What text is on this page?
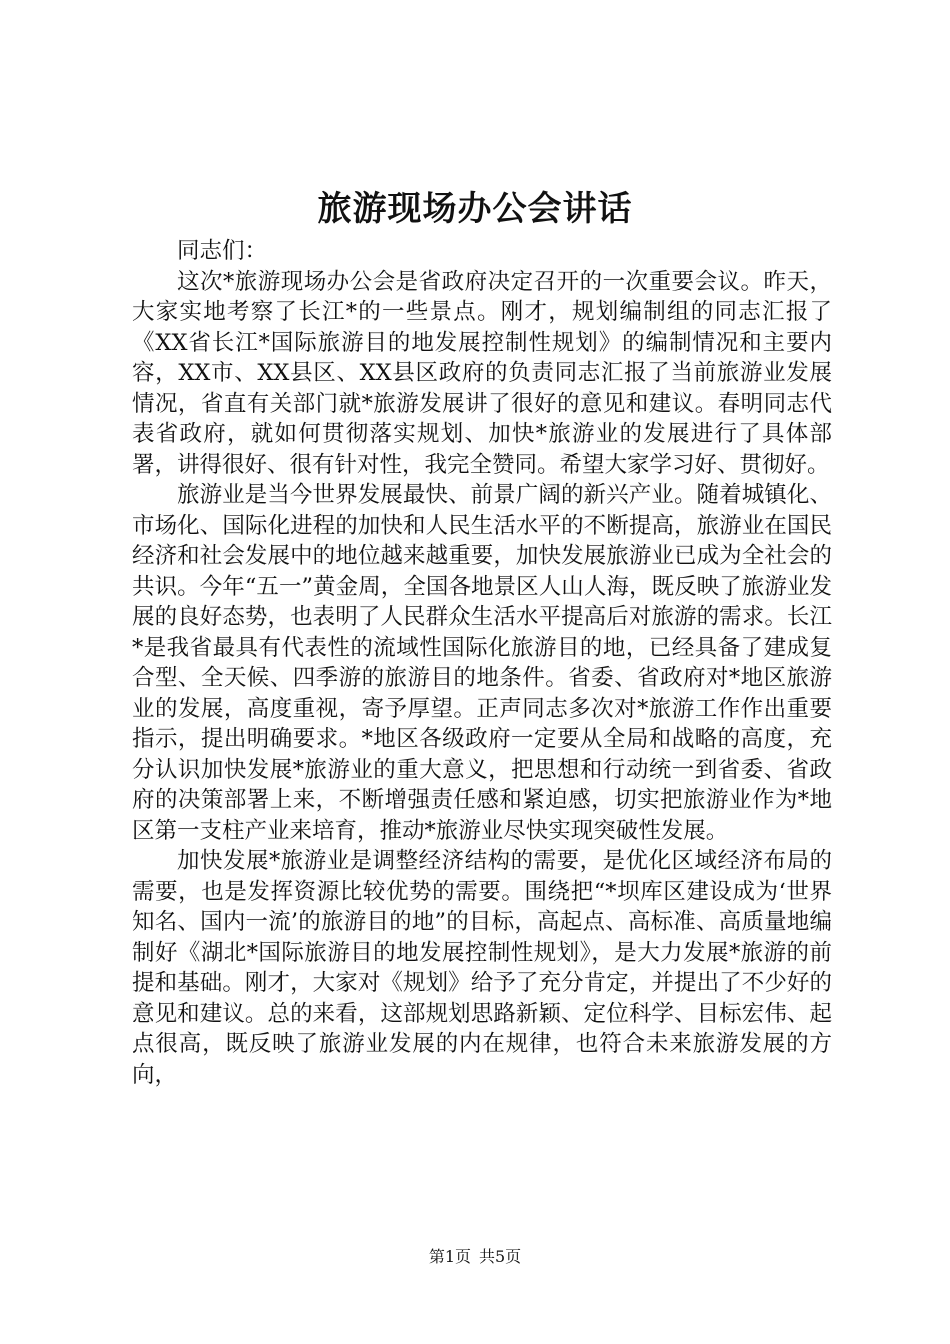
旅游现场办公会讲话

同志们：

这次*旅游现场办公会是省政府决定召开的一次重要会议。昨天，大家实地考察了长江*的一些景点。刚才，规划编制组的同志汇报了《XX省长江*国际旅游目的地发展控制性规划》的编制情况和主要内容，XX市、XX县区、XX县区政府的负责同志汇报了当前旅游业发展情况，省直有关部门就*旅游发展讲了很好的意见和建议。春明同志代表省政府，就如何贯彻落实规划、加快*旅游业的发展进行了具体部署，讲得很好、很有针对性，我完全赞同。希望大家学习好、贯彻好。

旅游业是当今世界发展最快、前景广阔的新兴产业。随着城镇化、市场化、国际化进程的加快和人民生活水平的不断提高，旅游业在国民经济和社会发展中的地位越来越重要，加快发展旅游业已成为全社会的共识。今年“五一”黄金周，全国各地景区人山人海，既反映了旅游业发展的良好态势，也表明了人民群众生活水平提高后对旅游的需求。长江*是我省最具有代表性的流域性国际化旅游目的地，已经具备了建成复合型、全天候、四季游的旅游目的地条件。省委、省政府对*地区旅游业的发展，高度重视，寄予厚望。正声同志多次对*旅游工作作出重要指示，提出明确要求。*地区各级政府一定要从全局和战略的高度，充分认识加快发展*旅游业的重大意义，把思想和行动统一到省委、省政府的决策部署上来，不断增强责任感和紧迫感，切实把旅游业作为*地区第一支柱产业来培育，推动*旅游业尽快实现突破性发展。

加快发展*旅游业是调整经济结构的需要，是优化区域经济布局的需要，也是发挥资源比较优势的需要。围绕把“*坝库区建设成为‘世界知名、国内一流’的旅游目的地”的目标，高起点、高标准、高质量地编制好《湖北*国际旅游目的地发展控制性规划》，是大力发展*旅游的前提和基础。刚才，大家对《规划》给予了充分肯定，并提出了不少好的意见和建议。总的来看，这部规划思路新颖、定位科学、目标宏伟、起点很高，既反映了旅游业发展的内在规律，也符合未来旅游发展的方向，

第1页 共5页
